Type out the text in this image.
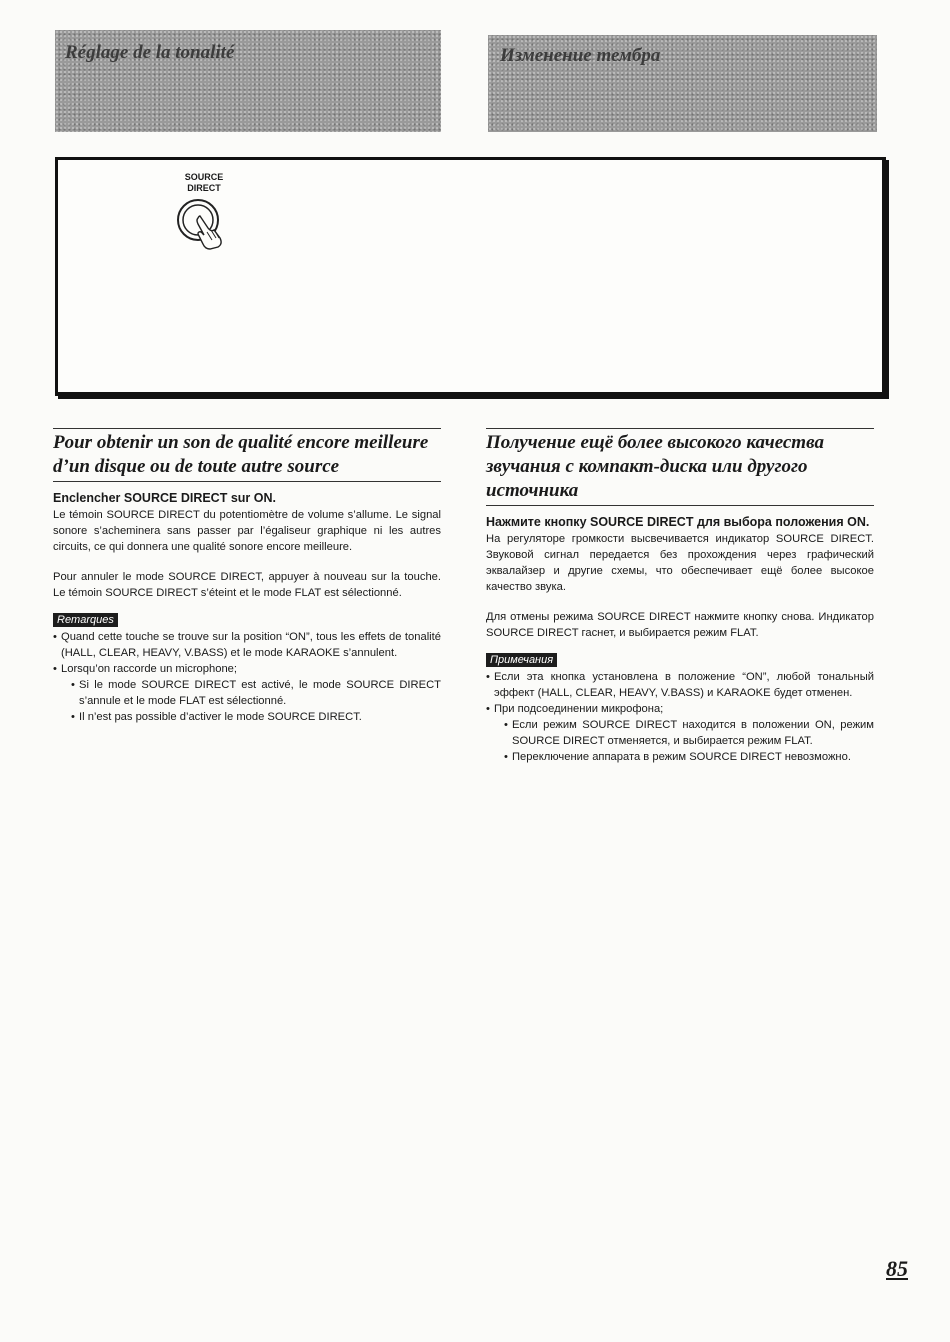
Réglage de la tonalité	Изменение тембра
SOURCE
DIRECT
Pour obtenir un son de qualité encore meilleure d’un disque ou de toute autre source
Enclencher SOURCE DIRECT sur ON.

Le témoin SOURCE DIRECT du potentiomètre de volume s’allume. Le signal sonore s’acheminera sans passer par l’égaliseur graphique ni les autres circuits, ce qui donnera une qualité sonore encore meilleure.

Pour annuler le mode SOURCE DIRECT, appuyer à nouveau sur la touche. Le témoin SOURCE DIRECT s’éteint et le mode FLAT est sélectionné.

Remarques
• Quand cette touche se trouve sur la position “ON”, tous les effets de tonalité (HALL, CLEAR, HEAVY, V.BASS) et le mode KARAOKE s’annulent.
• Lorsqu’on raccorde un microphone;
• Si le mode SOURCE DIRECT est activé, le mode SOURCE DIRECT s’annule et le mode FLAT est sélectionné.
• Il n’est pas possible d’activer le mode SOURCE DIRECT.
Получение ещё более высокого качества звучания с компакт-диска или другого источника
Нажмите кнопку SOURCE DIRECT для выбора положения ON.

На регуляторе громкости высвечивается индикатор SOURCE DIRECT. Звуковой сигнал передается без прохождения через графический эквалайзер и другие схемы, что обеспечивает ещё более высокое качество звука.

Для отмены режима SOURCE DIRECT нажмите кнопку снова. Индикатор SOURCE DIRECT гаснет, и выбирается режим FLAT.

Примечания
• Если эта кнопка установлена в положение “ON”, любой тональный эффект (HALL, CLEAR, HEAVY, V.BASS) и KARAOKE будет отменен.
• При подсоединении микрофона;
• Если режим SOURCE DIRECT находится в положении ON, режим SOURCE DIRECT отменяется, и выбирается режим FLAT.
• Переключение аппарата в режим SOURCE DIRECT невозможно.
85
